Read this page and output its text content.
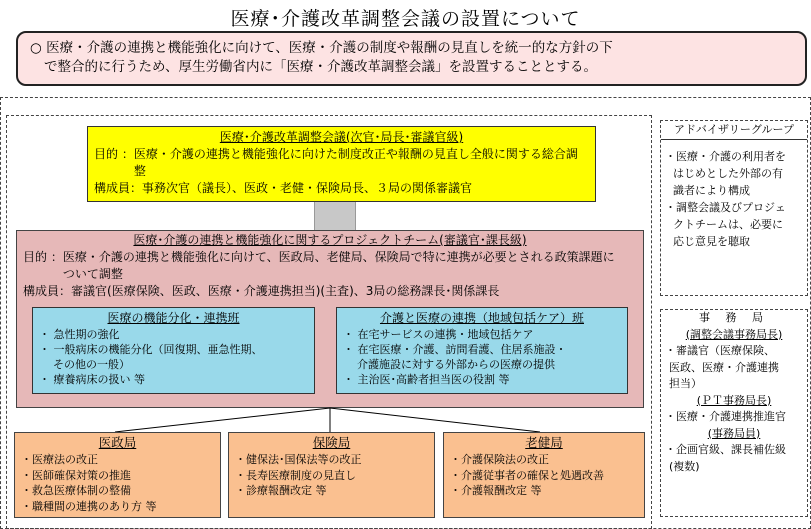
医療･介護改革調整会議の設置について
○ 医療・介護の連携と機能強化に向けて、医療・介護の制度や報酬の見直しを統一的な方針の下
で整合的に行うため、厚生労働省内に「医療・介護改革調整会議」を設置することとする。
医療･介護改革調整会議(次官･局長･審議官級)
目的 ： 医療・介護の連携と機能強化に向けた制度改正や報酬の見直し全般に関する総合調整
構成員： 事務次官（議長）、医政・老健・保険局長、３局の関係審議官
医療･介護の連携と機能強化に関するプロジェクトチーム(審議官･課長級)
目的 ： 医療・介護の連携と機能強化に向けて、医政局、老健局、保険局で特に連携が必要とされる政策課題について調整
構成員： 審議官(医療保険、医政、医療・介護連携担当)(主査)、3局の総務課長･関係課長
医療の機能分化・連携班
・ 急性期の強化
・ 一般病床の機能分化（回復期、亜急性期、
その他の一般）
・ 療養病床の扱い 等
介護と医療の連携（地域包括ケア）班
・ 在宅サービスの連携・地域包括ケア
・ 在宅医療・介護、訪問看護、住居系施設・
介護施設に対する外部からの医療の提供
・ 主治医･高齢者担当医の役割 等
医政局
・医療法の改正
・医師確保対策の推進
・救急医療体制の整備
・職種間の連携のあり方 等
保険局
・健保法･国保法等の改正
・長寿医療制度の見直し
・診療報酬改定 等
老健局
・介護保険法の改正
・介護従事者の確保と処遇改善
・介護報酬改定 等
アドバイザリーグループ
・医療・介護の利用者を
はじめとした外部の有
識者により構成
・調整会議及びプロジェ
クトチームは、必要に
応じ意見を聴取
事 務 局
(調整会議事務局長)
・審議官（医療保険、
医政、医療・介護連携
担当）
(ＰＴ事務局長)
・医療・介護連携推進官
(事務局員)
・企画官級、課長補佐級
(複数)
